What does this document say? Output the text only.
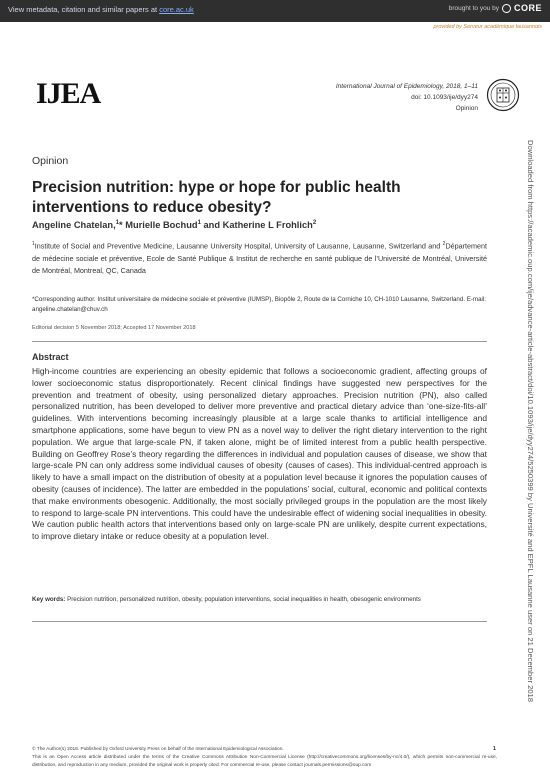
View metadata, citation and similar papers at core.ac.uk	brought to you by CORE
provided by Serveur académique lausannois
IJEA	International Journal of Epidemiology, 2018, 1–11
doi: 10.1093/ije/dyy274
Opinion
Downloaded from https://academic.oup.com/ije/advance-article-abstract/doi/10.1093/ije/dyy274/5250399 by Université and EPFL Lausanne user on 21 December 2018
Opinion
Precision nutrition: hype or hope for public health interventions to reduce obesity?
Angeline Chatelan,$^1$* Murielle Bochud$^1$ and Katherine L Frohlich$^2$
$^1$Institute of Social and Preventive Medicine, Lausanne University Hospital, University of Lausanne, Lausanne, Switzerland and $^2$Département de médecine sociale et préventive, Ecole de Santé Publique & Institut de recherche en santé publique de l’Université de Montréal, Université de Montréal, Montreal, QC, Canada
*Corresponding author. Institut universitaire de médecine sociale et préventive (IUMSP), Biopôle 2, Route de la Corniche 10, CH-1010 Lausanne, Switzerland. E-mail: angeline.chatelan@chuv.ch
Editorial decision 5 November 2018; Accepted 17 November 2018
Abstract
High-income countries are experiencing an obesity epidemic that follows a socioeconomic gradient, affecting groups of lower socioeconomic status disproportionately. Recent clinical findings have suggested new perspectives for the prevention and treatment of obesity, using personalized dietary approaches. Precision nutrition (PN), also called personalized nutrition, has been developed to deliver more preventive and practical dietary advice than ‘one-size-fits-all’ guidelines. With interventions becoming increasingly plausible at a large scale thanks to artificial intelligence and smartphone applications, some have begun to view PN as a novel way to deliver the right dietary intervention to the right population. We argue that large-scale PN, if taken alone, might be of limited interest from a public health perspective. Building on Geoffrey Rose’s theory regarding the differences in individual and population causes of disease, we show that large-scale PN can only address some individual causes of obesity (causes of cases). This individual-centred approach is likely to have a small impact on the distribution of obesity at a population level because it ignores the population causes of obesity (causes of incidence). The latter are embedded in the populations’ social, cultural, economic and political contexts that make environments obesogenic. Additionally, the most socially privileged groups in the population are the most likely to respond to large-scale PN interventions. This could have the undesirable effect of widening social inequalities in obesity. We caution public health actors that interventions based only on large-scale PN are unlikely, despite current expectations, to improve dietary intake or reduce obesity at a population level.
Key words: Precision nutrition, personalized nutrition, obesity, population interventions, social inequalities in health, obesogenic environments
© The Author(s) 2018. Published by Oxford University Press on behalf of the International Epidemiological Association.
This is an Open Access article distributed under the terms of the Creative Commons Attribution Non-Commercial License (http://creativecommons.org/licenses/by-nc/4.0/), which permits non-commercial re-use, distribution, and reproduction in any medium, provided the original work is properly cited. For commercial re-use, please contact journals.permissions@oup.com
1
